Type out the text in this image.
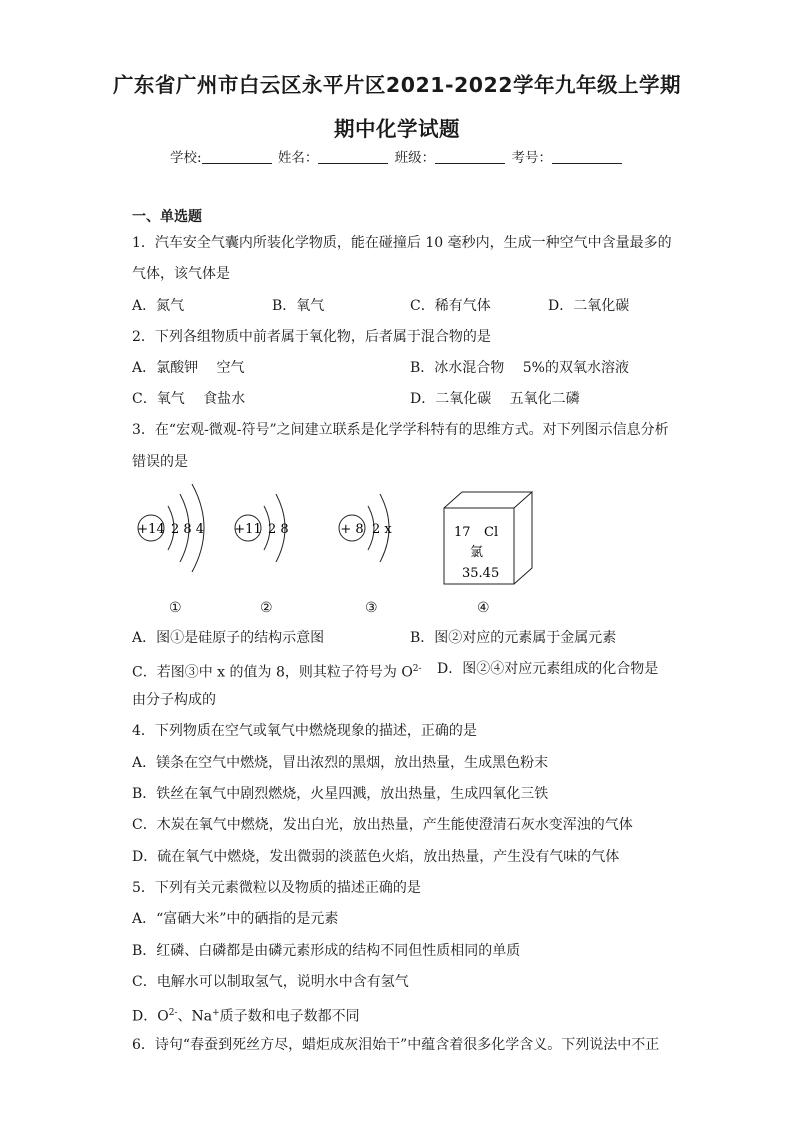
广东省广州市白云区永平片区2021-2022学年九年级上学期
期中化学试题
学校:	姓名：	班级：	考号：
一、单选题
1．汽车安全气囊内所装化学物质，能在碰撞后 10 毫秒内，生成一种空气中含量最多的
气体，该气体是
A．氮气	B．氧气	C．稀有气体	D．二氧化碳
2．下列各组物质中前者属于氧化物，后者属于混合物的是
A．氯酸钾　 空气	B．冰水混合物　 5%的双氧水溶液
C．氧气　 食盐水	D．二氧化碳　 五氧化二磷
3．在“宏观-微观-符号”之间建立联系是化学学科特有的思维方式。对下列图示信息分析
错误的是
+14 2 8 4
①
+11 2 8
②
+ 8 2 x
③
17 Cl
氯
35.45
④
A．图①是硅原子的结构示意图	B．图②对应的元素属于金属元素
C．若图③中 x 的值为 8，则其粒子符号为 $O^{2-}$ D．图②④对应元素组成的化合物是
由分子构成的
4．下列物质在空气或氧气中燃烧现象的描述，正确的是
A．镁条在空气中燃烧，冒出浓烈的黑烟，放出热量，生成黑色粉末
B．铁丝在氧气中剧烈燃烧，火星四溅，放出热量，生成四氧化三铁
C．木炭在氧气中燃烧，发出白光，放出热量，产生能使澄清石灰水变浑浊的气体
D．硫在氧气中燃烧，发出微弱的淡蓝色火焰，放出热量，产生没有气味的气体
5．下列有关元素微粒以及物质的描述正确的是
A．“富硒大米”中的硒指的是元素
B．红磷、白磷都是由磷元素形成的结构不同但性质相同的单质
C．电解水可以制取氢气，说明水中含有氢气
D．$O^{2-}$、Na+质子数和电子数都不同
6．诗句“春蚕到死丝方尽，蜡炬成灰泪始干”中蕴含着很多化学含义。下列说法中不正
